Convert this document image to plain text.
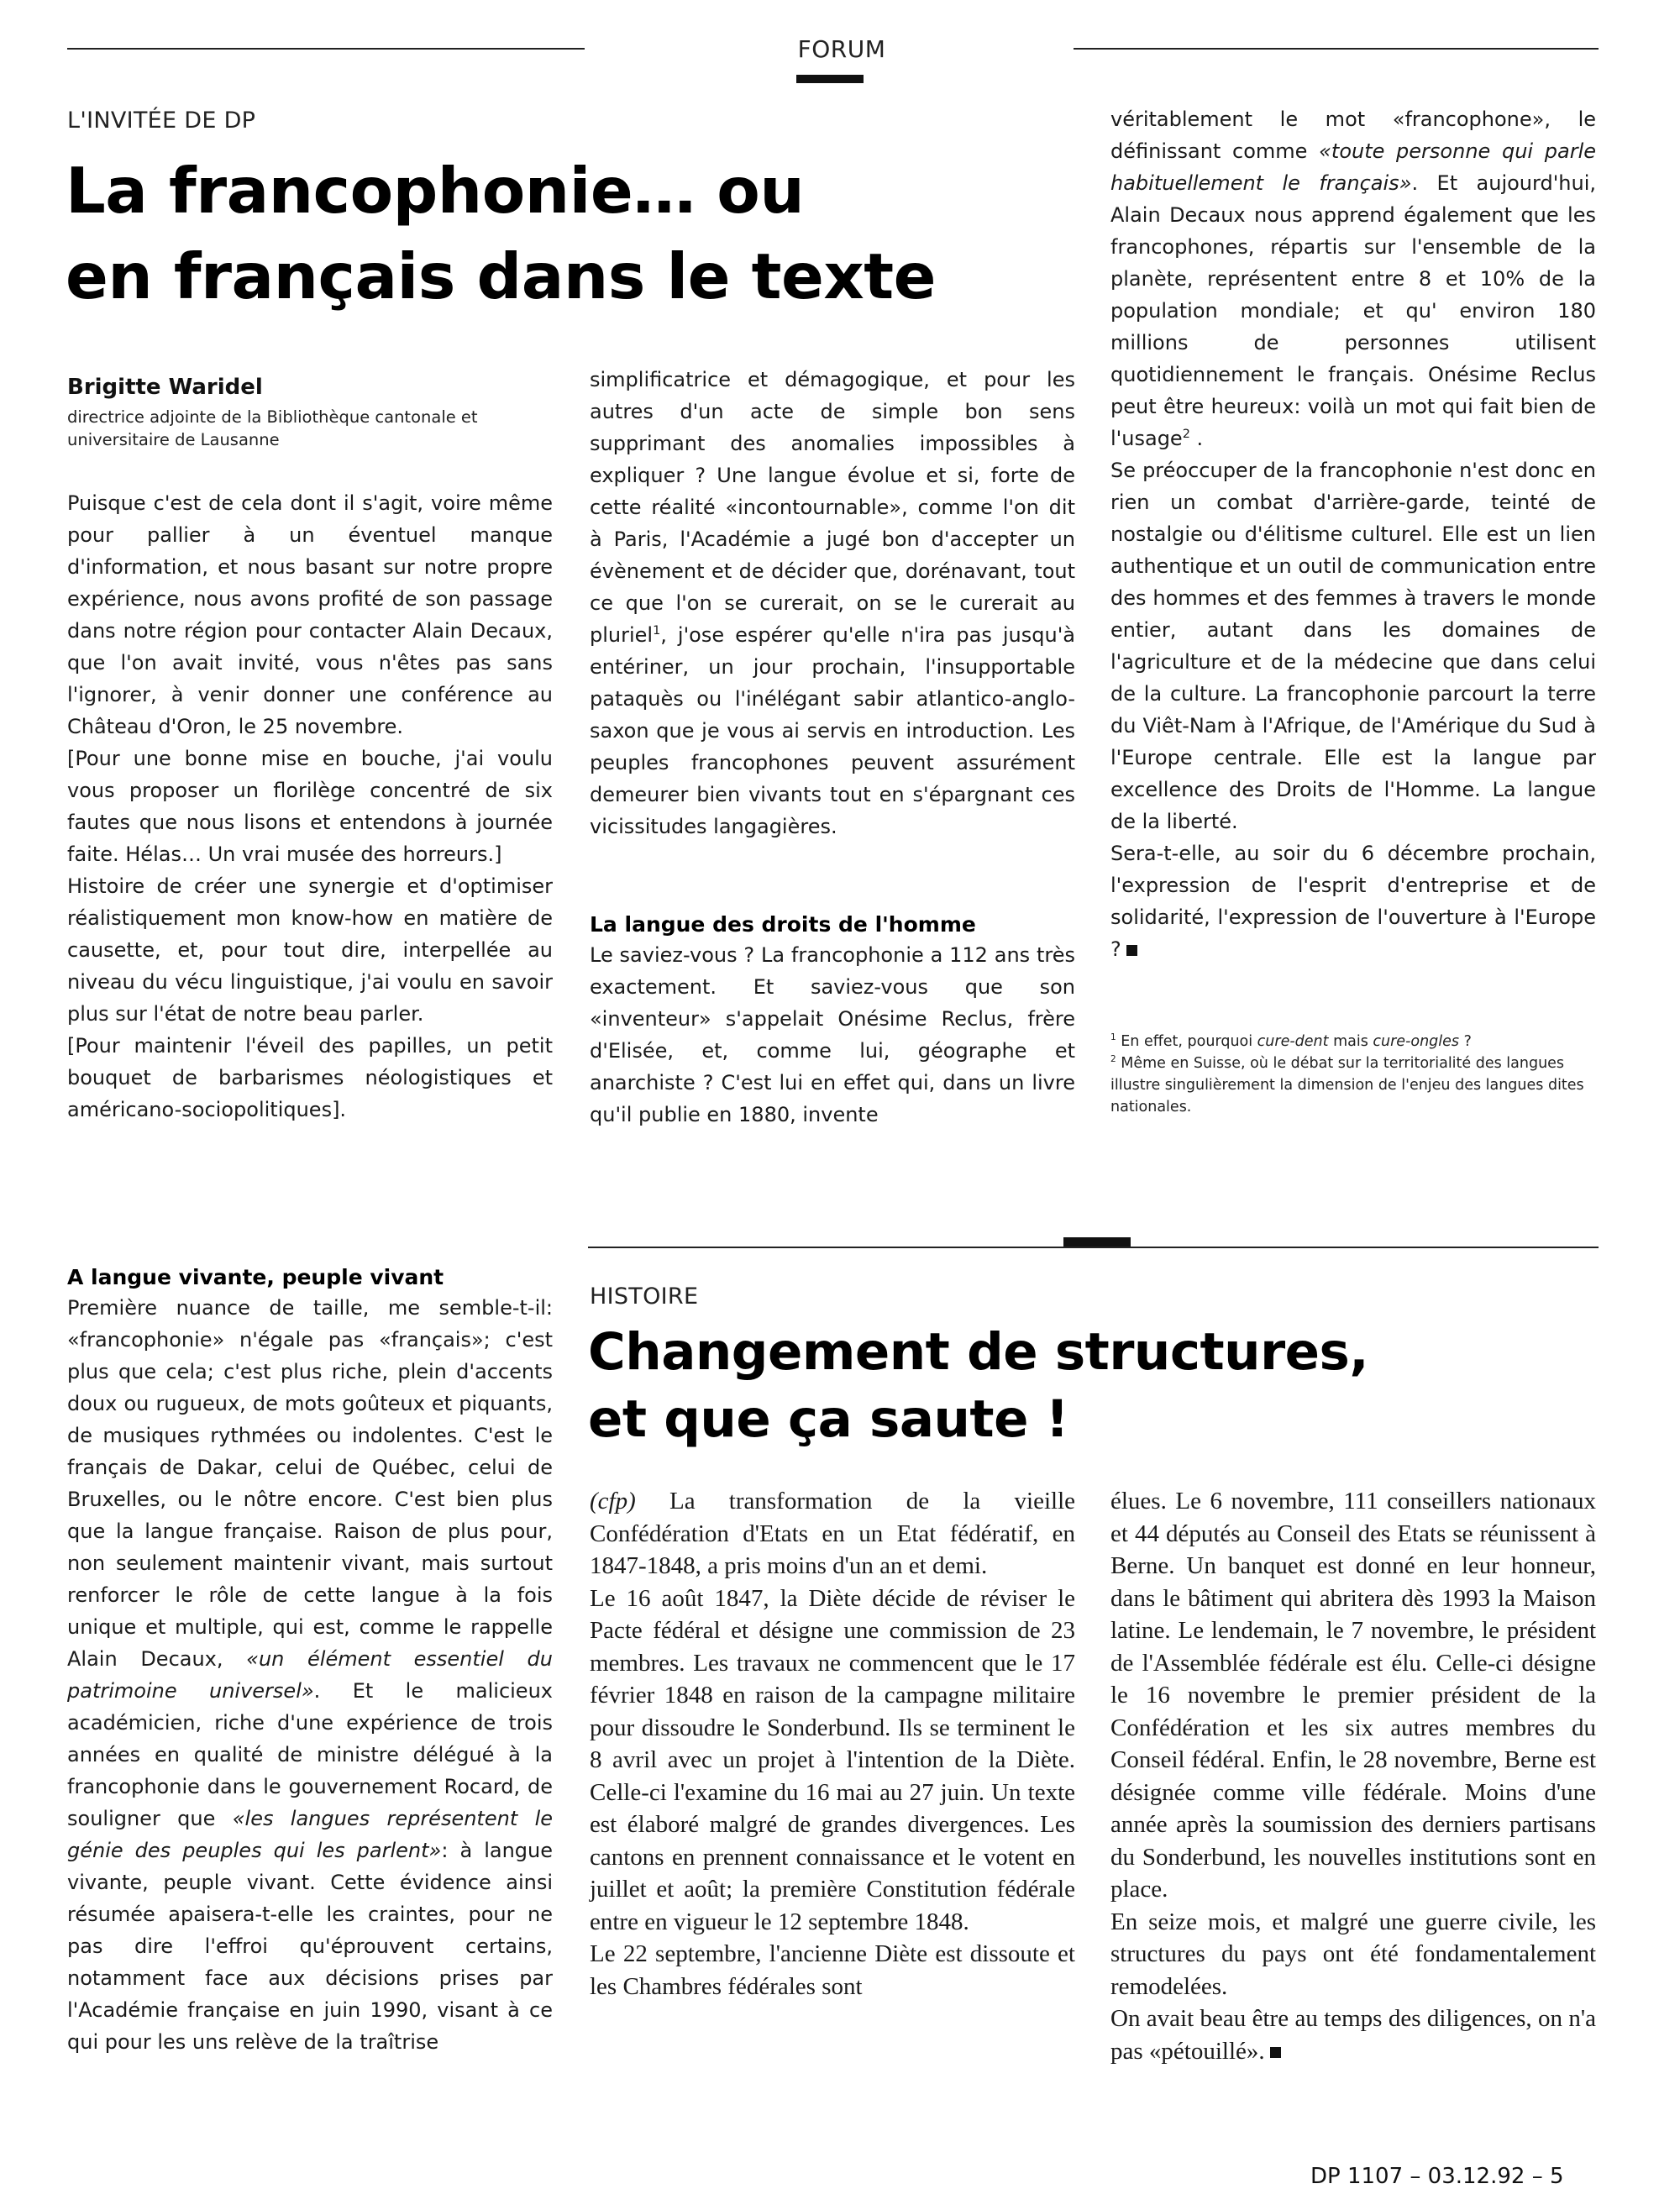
FORUM
L'INVITÉE DE DP
La francophonie… ou
en français dans le texte
Brigitte Waridel
directrice adjointe de la Bibliothèque cantonale et
universitaire de Lausanne

Puisque c'est de cela dont il s'agit, voire même pour pallier à un éventuel manque d'information, et nous basant sur notre propre expérience, nous avons profité de son passage dans notre région pour contacter Alain Decaux, que l'on avait invité, vous n'êtes pas sans l'ignorer, à venir donner une conférence au Château d'Oron, le 25 novembre.

[Pour une bonne mise en bouche, j'ai voulu vous proposer un florilège concentré de six fautes que nous lisons et entendons à journée faite. Hélas… Un vrai musée des horreurs.]

Histoire de créer une synergie et d'optimiser réalistiquement mon know-how en matière de causette, et, pour tout dire, interpellée au niveau du vécu linguistique, j'ai voulu en savoir plus sur l'état de notre beau parler.

[Pour maintenir l'éveil des papilles, un petit bouquet de barbarismes néologistiques et américano-sociopolitiques].

A langue vivante, peuple vivant

Première nuance de taille, me semble-t-il: «francophonie» n'égale pas «français»; c'est plus que cela; c'est plus riche, plein d'accents doux ou rugueux, de mots goûteux et piquants, de musiques rythmées ou indolentes. C'est le français de Dakar, celui de Québec, celui de Bruxelles, ou le nôtre encore. C'est bien plus que la langue française. Raison de plus pour, non seulement maintenir vivant, mais surtout renforcer le rôle de cette langue à la fois unique et multiple, qui est, comme le rappelle Alain Decaux, «un élément essentiel du patrimoine universel». Et le malicieux académicien, riche d'une expérience de trois années en qualité de ministre délégué à la francophonie dans le gouvernement Rocard, de souligner que «les langues représentent le génie des peuples qui les parlent»: à langue vivante, peuple vivant. Cette évidence ainsi résumée apaisera-t-elle les craintes, pour ne pas dire l'effroi qu'éprouvent certains, notamment face aux décisions prises par l'Académie française en juin 1990, visant à ce qui pour les uns relève de la traîtrise

simplificatrice et démagogique, et pour les autres d'un acte de simple bon sens supprimant des anomalies impossibles à expliquer ? Une langue évolue et si, forte de cette réalité «incontournable», comme l'on dit à Paris, l'Académie a jugé bon d'accepter un évènement et de décider que, dorénavant, tout ce que l'on se curerait, on se le curerait au pluriel$^1$, j'ose espérer qu'elle n'ira pas jusqu'à entériner, un jour prochain, l'insupportable pataquès ou l'inélégant sabir atlantico-anglo-saxon que je vous ai servis en introduction. Les peuples francophones peuvent assurément demeurer bien vivants tout en s'épargnant ces vicissitudes langagières.

La langue des droits de l'homme

Le saviez-vous ? La francophonie a 112 ans très exactement. Et saviez-vous que son «inventeur» s'appelait Onésime Reclus, frère d'Elisée, et, comme lui, géographe et anarchiste ? C'est lui en effet qui, dans un livre qu'il publie en 1880, invente

véritablement le mot «francophone», le définissant comme «toute personne qui parle habituellement le français». Et aujourd'hui, Alain Decaux nous apprend également que les francophones, répartis sur l'ensemble de la planète, représentent entre 8 et 10% de la population mondiale; et qu' environ 180 millions de personnes utilisent quotidiennement le français. Onésime Reclus peut être heureux: voilà un mot qui fait bien de l'usage$^2$ .

Se préoccuper de la francophonie n'est donc en rien un combat d'arrière-garde, teinté de nostalgie ou d'élitisme culturel. Elle est un lien authentique et un outil de communication entre des hommes et des femmes à travers le monde entier, autant dans les domaines de l'agriculture et de la médecine que dans celui de la culture. La francophonie parcourt la terre du Viêt-Nam à l'Afrique, de l'Amérique du Sud à l'Europe centrale. Elle est la langue par excellence des Droits de l'Homme. La langue de la liberté.

Sera-t-elle, au soir du 6 décembre prochain, l'expression de l'esprit d'entreprise et de solidarité, l'expression de l'ouverture à l'Europe ?

$^1$ En effet, pourquoi cure-dent mais cure-ongles ?

$^2$ Même en Suisse, où le débat sur la territorialité des langues illustre singulièrement la dimension de l'enjeu des langues dites nationales.

HISTOIRE
Changement de structures,
et que ça saute !

(cfp) La transformation de la vieille Confédération d'Etats en un Etat fédératif, en 1847-1848, a pris moins d'un an et demi.

Le 16 août 1847, la Diète décide de réviser le Pacte fédéral et désigne une commission de 23 membres. Les travaux ne commencent que le 17 février 1848 en raison de la campagne militaire pour dissoudre le Sonderbund. Ils se terminent le 8 avril avec un projet à l'intention de la Diète. Celle-ci l'examine du 16 mai au 27 juin. Un texte est élaboré malgré de grandes divergences. Les cantons en prennent connaissance et le votent en juillet et août; la première Constitution fédérale entre en vigueur le 12 septembre 1848.

Le 22 septembre, l'ancienne Diète est dissoute et les Chambres fédérales sont

élues. Le 6 novembre, 111 conseillers nationaux et 44 députés au Conseil des Etats se réunissent à Berne. Un banquet est donné en leur honneur, dans le bâtiment qui abritera dès 1993 la Maison latine. Le lendemain, le 7 novembre, le président de l'Assemblée fédérale est élu. Celle-ci désigne le 16 novembre le premier président de la Confédération et les six autres membres du Conseil fédéral. Enfin, le 28 novembre, Berne est désignée comme ville fédérale. Moins d'une année après la soumission des derniers partisans du Sonderbund, les nouvelles institutions sont en place.

En seize mois, et malgré une guerre civile, les structures du pays ont été fondamentalement remodelées.

On avait beau être au temps des diligences, on n'a pas «pétouillé».

DP 1107 – 03.12.92 – 5
